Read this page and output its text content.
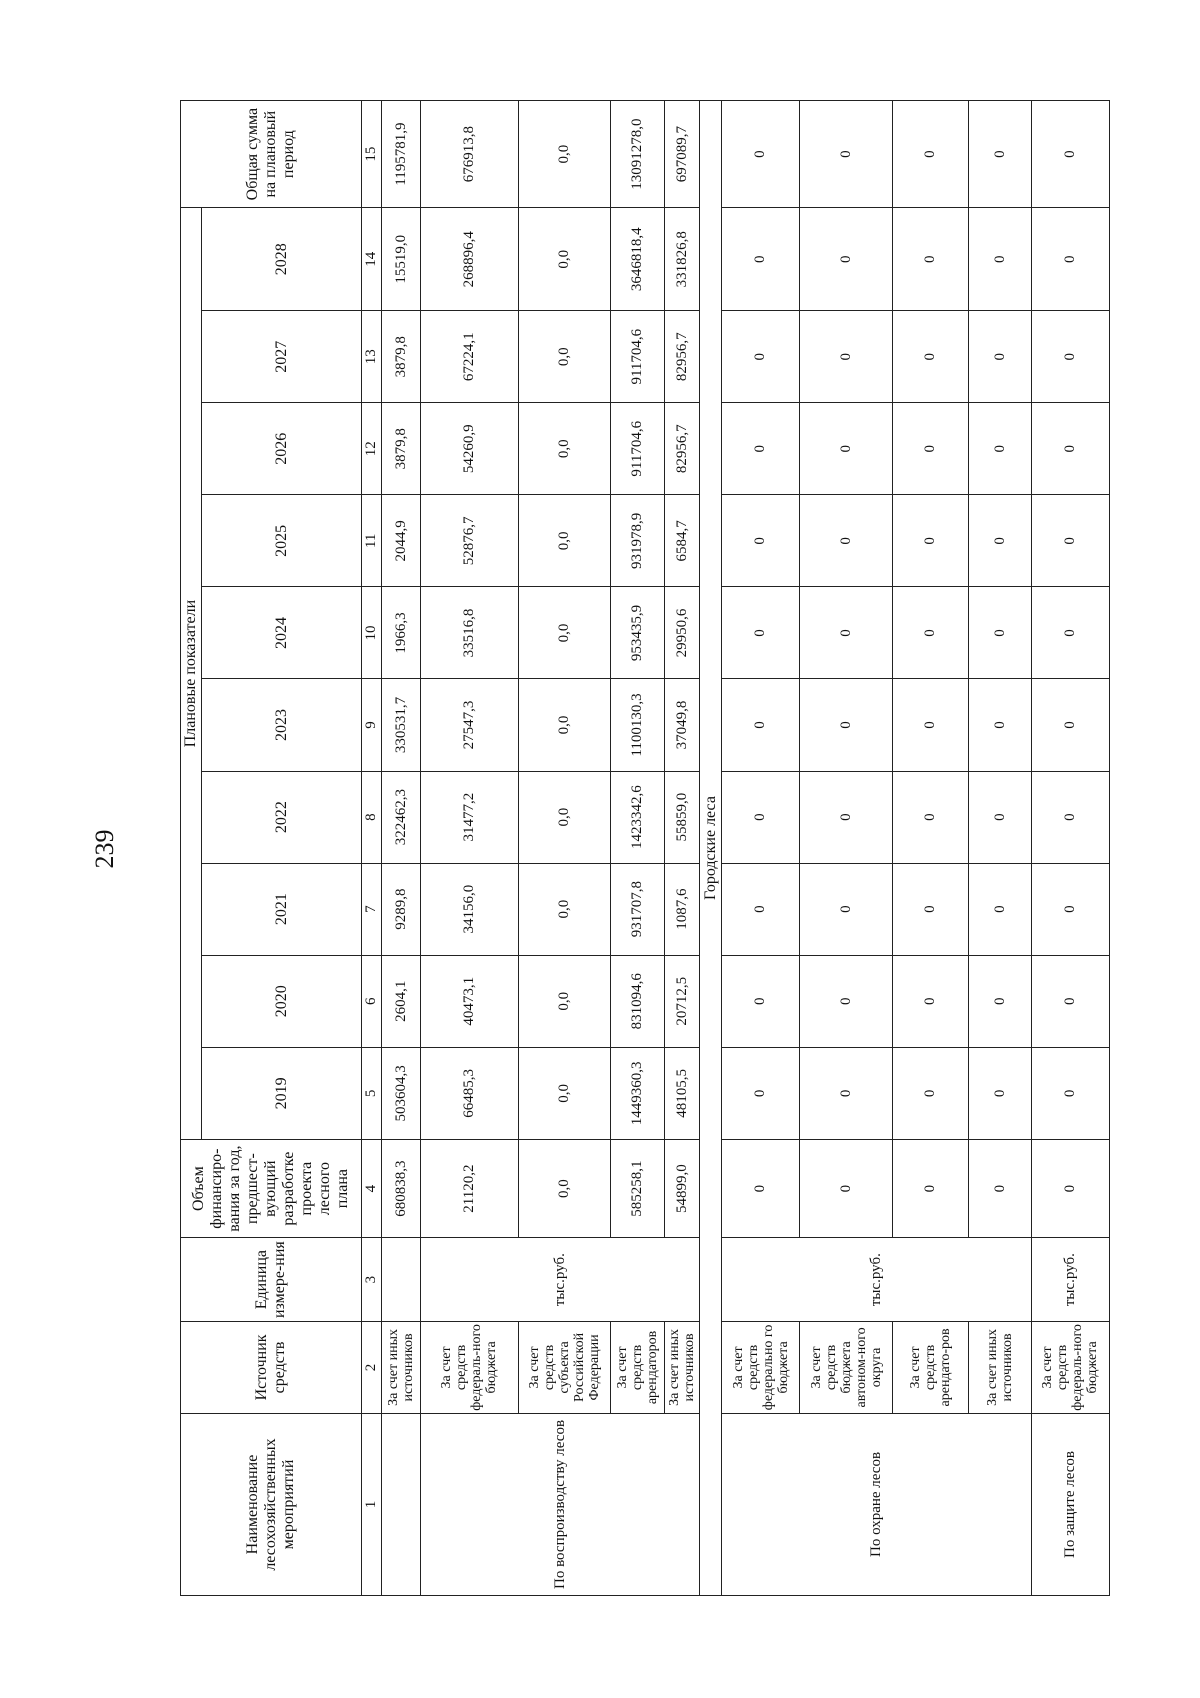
239
Наименование лесохозяйственных мероприятий	Источник средств	Единица измере-ния	Объем финансиро-вания за год, предшест-вующий разработке проекта лесного плана	Плановые показатели										Общая сумма на плановый период
				2019	2020	2021	2022	2023	2024	2025	2026	2027	2028	
1	2	3	4	5	6	7	8	9	10	11	12	13	14	15
	За счет иных источников		680838,3	503604,3	2604,1	9289,8	322462,3	330531,7	1966,3	2044,9	3879,8	3879,8	15519,0	1195781,9
По воспроизводству лесов	За счет средств федераль-ного бюджета	тыс.руб.	21120,2	66485,3	40473,1	34156,0	31477,2	27547,3	33516,8	52876,7	54260,9	67224,1	268896,4	676913,8
	За счет средств субъекта Российской Федерации		0,0	0,0	0,0	0,0	0,0	0,0	0,0	0,0	0,0	0,0	0,0	0,0
	За счет средств арендаторов		585258,1	1449360,3	831094,6	931707,8	1423342,6	1100130,3	953435,9	931978,9	911704,6	911704,6	3646818,4	13091278,0
	За счет иных источников		54899,0	48105,5	20712,5	1087,6	55859,0	37049,8	29950,6	6584,7	82956,7	82956,7	331826,8	697089,7
Городские леса														
По охране лесов	За счет средств федерально го бюджета	тыс.руб.	0	0	0	0	0	0	0	0	0	0	0	0
	За счет средств бюджета автоном-ного округа		0	0	0	0	0	0	0	0	0	0	0	0
	За счет средств арендато-ров		0	0	0	0	0	0	0	0	0	0	0	0
	За счет иных источников		0	0	0	0	0	0	0	0	0	0	0	0
По защите лесов	За счет средств федераль-ного бюджета	тыс.руб.	0	0	0	0	0	0	0	0	0	0	0	0
